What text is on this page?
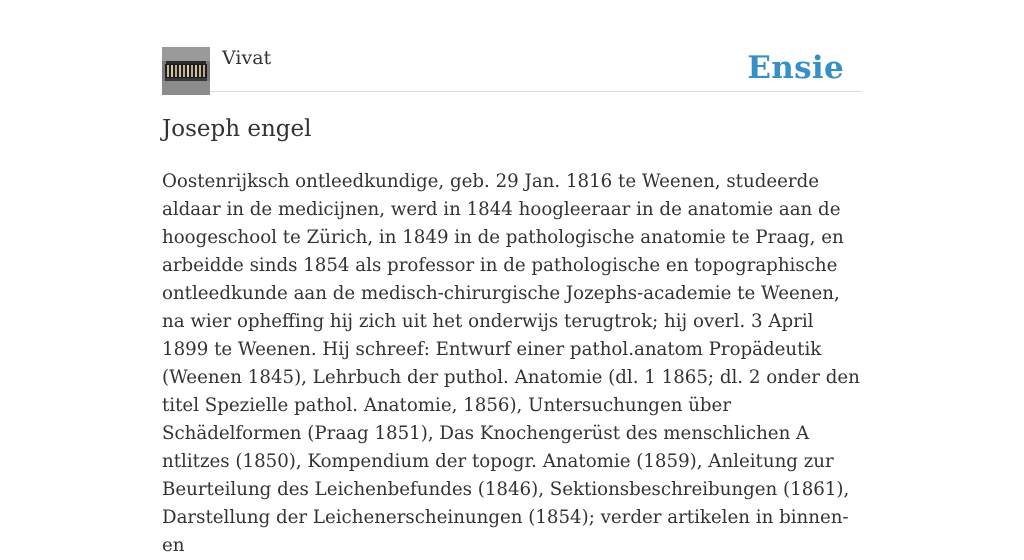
Vivat	Ensie
Joseph engel

Oostenrijksch ontleedkundige, geb. 29 Jan. 1816 te Weenen, studeerde aldaar in de medicijnen, werd in 1844 hoogleeraar in de anatomie aan de hoogeschool te Zürich, in 1849 in de pathologische anatomie te Praag, en arbeidde sinds 1854 als professor in de pathologische en topographische ontleedkunde aan de medisch-chirurgische Jozephs-academie te Weenen, na wier opheffing hij zich uit het onderwijs terugtrok; hij overl. 3 April 1899 te Weenen. Hij schreef: Entwurf einer pathol.anatom Propädeutik (Weenen 1845), Lehrbuch der puthol. Anatomie (dl. 1 1865; dl. 2 onder den titel Spezielle pathol. Anatomie, 1856), Untersuchungen über Schädelformen (Praag 1851), Das Knochengerüst des menschlichen A ntlitzes (1850), Kompendium der topogr. Anatomie (1859), Anleitung zur Beurteilung des Leichenbefundes (1846), Sektionsbeschreibungen (1861), Darstellung der Leichenerscheinungen (1854); verder artikelen in binnen- en
